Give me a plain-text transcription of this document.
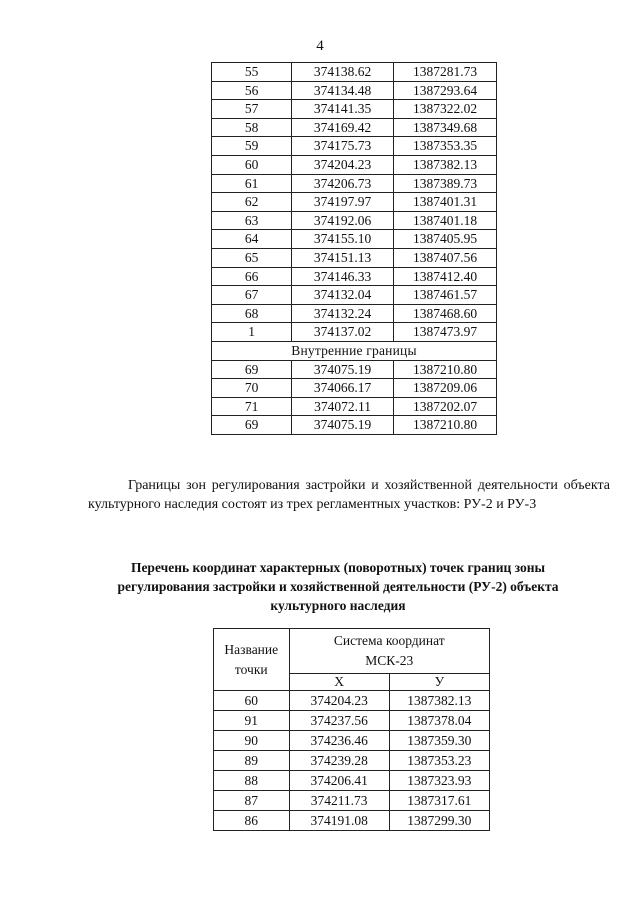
4
55	374138.62	1387281.73
56	374134.48	1387293.64
57	374141.35	1387322.02
58	374169.42	1387349.68
59	374175.73	1387353.35
60	374204.23	1387382.13
61	374206.73	1387389.73
62	374197.97	1387401.31
63	374192.06	1387401.18
64	374155.10	1387405.95
65	374151.13	1387407.56
66	374146.33	1387412.40
67	374132.04	1387461.57
68	374132.24	1387468.60
1	374137.02	1387473.97
Внутренние границы		
69	374075.19	1387210.80
70	374066.17	1387209.06
71	374072.11	1387202.07
69	374075.19	1387210.80
Границы зон регулирования застройки и хозяйственной деятельности объекта культурного наследия состоят из трех регламентных участков: РУ-2 и РУ-3
Перечень координат характерных (поворотных) точек границ зоны регулирования застройки и хозяйственной деятельности (РУ-2) объекта культурного наследия
Название точки	Система координат
МСК-23	
	X	У
60	374204.23	1387382.13
91	374237.56	1387378.04
90	374236.46	1387359.30
89	374239.28	1387353.23
88	374206.41	1387323.93
87	374211.73	1387317.61
86	374191.08	1387299.30
